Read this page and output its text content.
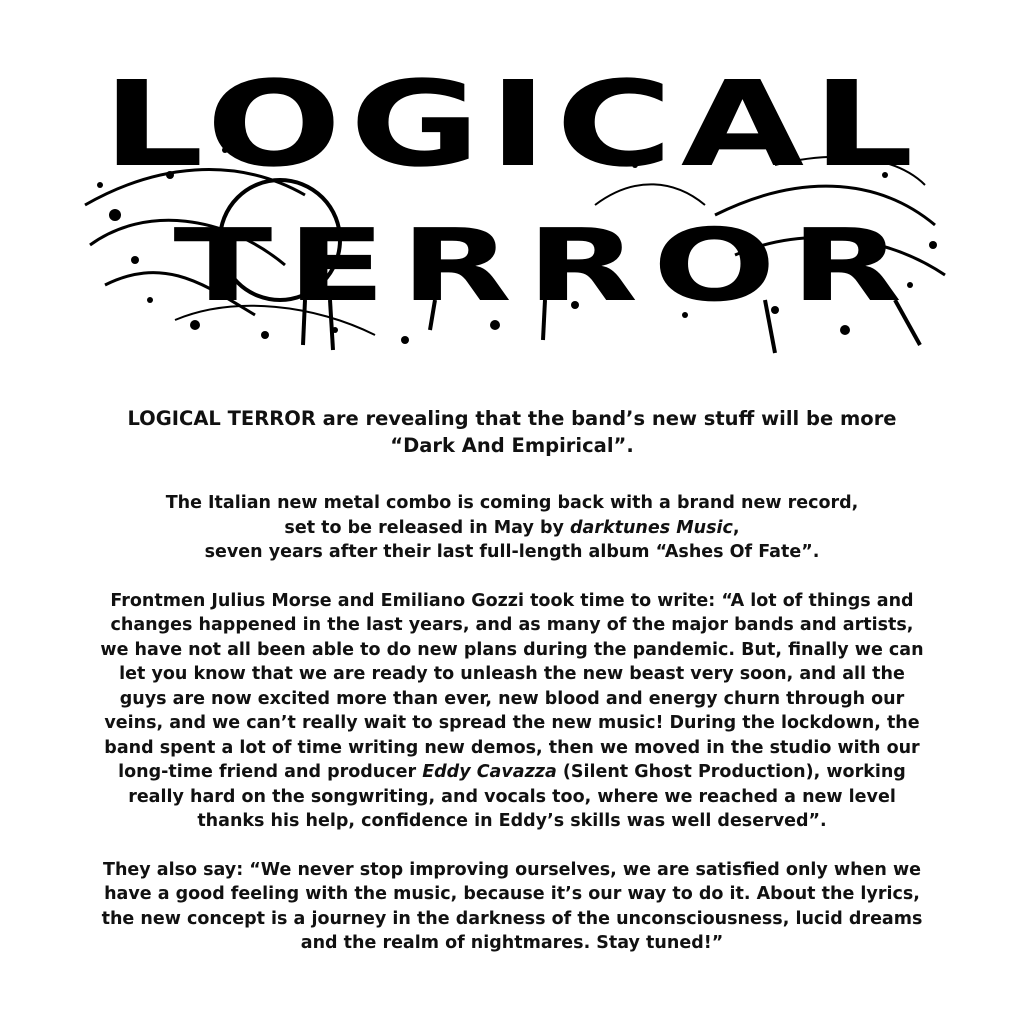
LOGICAL
TERROR
LOGICAL TERROR are revealing that the band’s new stuff will be more
“Dark And Empirical”.
The Italian new metal combo is coming back with a brand new record,
set to be released in May by darktunes Music,
seven years after their last full-length album “Ashes Of Fate”.
Frontmen Julius Morse and Emiliano Gozzi took time to write: “A lot of things and
changes happened in the last years, and as many of the major bands and artists,
we have not all been able to do new plans during the pandemic. But, finally we can
let you know that we are ready to unleash the new beast very soon, and all the
guys are now excited more than ever, new blood and energy churn through our
veins, and we can’t really wait to spread the new music! During the lockdown, the
band spent a lot of time writing new demos, then we moved in the studio with our
long-time friend and producer Eddy Cavazza (Silent Ghost Production), working
really hard on the songwriting, and vocals too, where we reached a new level
thanks his help, confidence in Eddy’s skills was well deserved”.
They also say: “We never stop improving ourselves, we are satisfied only when we
have a good feeling with the music, because it’s our way to do it. About the lyrics,
the new concept is a journey in the darkness of the unconsciousness, lucid dreams
and the realm of nightmares. Stay tuned!”
